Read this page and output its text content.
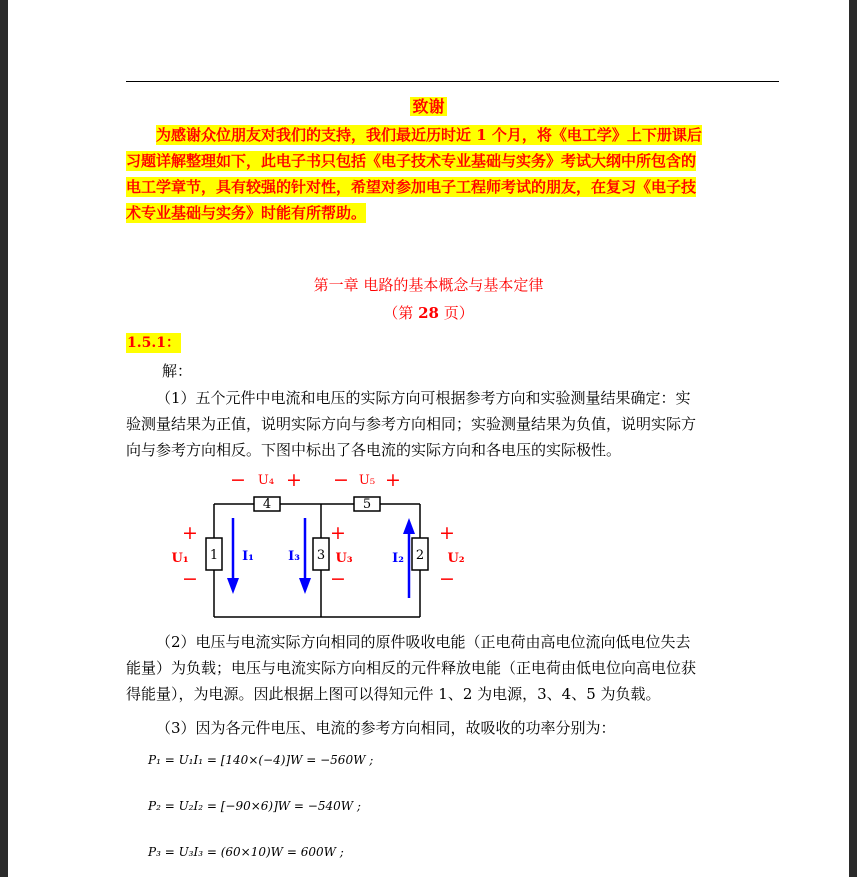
致谢
为感谢众位朋友对我们的支持，我们最近历时近 1 个月，将《电工学》上下册课后
习题详解整理如下，此电子书只包括《电子技术专业基础与实务》考试大纲中所包含的
电工学章节，具有较强的针对性，希望对参加电子工程师考试的朋友，在复习《电子技
术专业基础与实务》时能有所帮助。
第一章 电路的基本概念与基本定律
（第 28 页）
1.5.1：
解：
（1）五个元件中电流和电压的实际方向可根据参考方向和实验测量结果确定：实
验测量结果为正值，说明实际方向与参考方向相同；实验测量结果为负值，说明实际方
向与参考方向相反。下图中标出了各电流的实际方向和各电压的实际极性。
4	5
1	3	2
− U₄ + − U₅ +
+
U₁
−
I₁	I₃
+
U₃
−
I₂
+
U₂
−
（2）电压与电流实际方向相同的原件吸收电能（正电荷由高电位流向低电位失去
能量）为负载；电压与电流实际方向相反的元件释放电能（正电荷由低电位向高电位获
得能量），为电源。因此根据上图可以得知元件 1、2 为电源，3、4、5 为负载。
（3）因为各元件电压、电流的参考方向相同，故吸收的功率分别为：
P₁ = U₁I₁ = [140×(−4)]W = −560W ;
P₂ = U₂I₂ = [−90×6)]W = −540W ;
P₃ = U₃I₃ = (60×10)W = 600W ;
